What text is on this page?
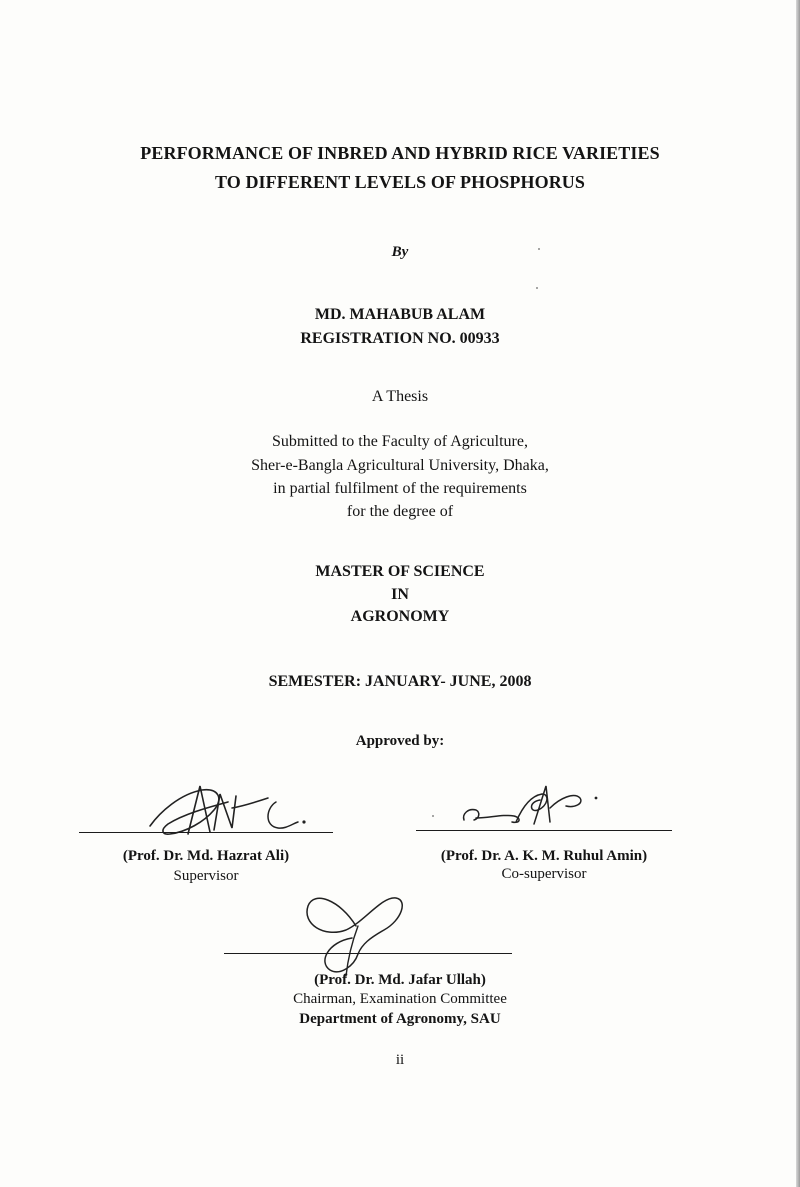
PERFORMANCE OF INBRED AND HYBRID RICE VARIETIES
TO DIFFERENT LEVELS OF PHOSPHORUS
By
MD. MAHABUB ALAM
REGISTRATION NO. 00933
A Thesis
Submitted to the Faculty of Agriculture,
Sher-e-Bangla Agricultural University, Dhaka,
in partial fulfilment of the requirements
for the degree of
MASTER OF SCIENCE
IN
AGRONOMY
SEMESTER: JANUARY- JUNE, 2008
Approved by:
(Prof. Dr. Md. Hazrat Ali)
Supervisor
(Prof. Dr. A. K. M. Ruhul Amin)
Co-supervisor
(Prof. Dr. Md. Jafar Ullah)
Chairman, Examination Committee
Department of Agronomy, SAU
ii
